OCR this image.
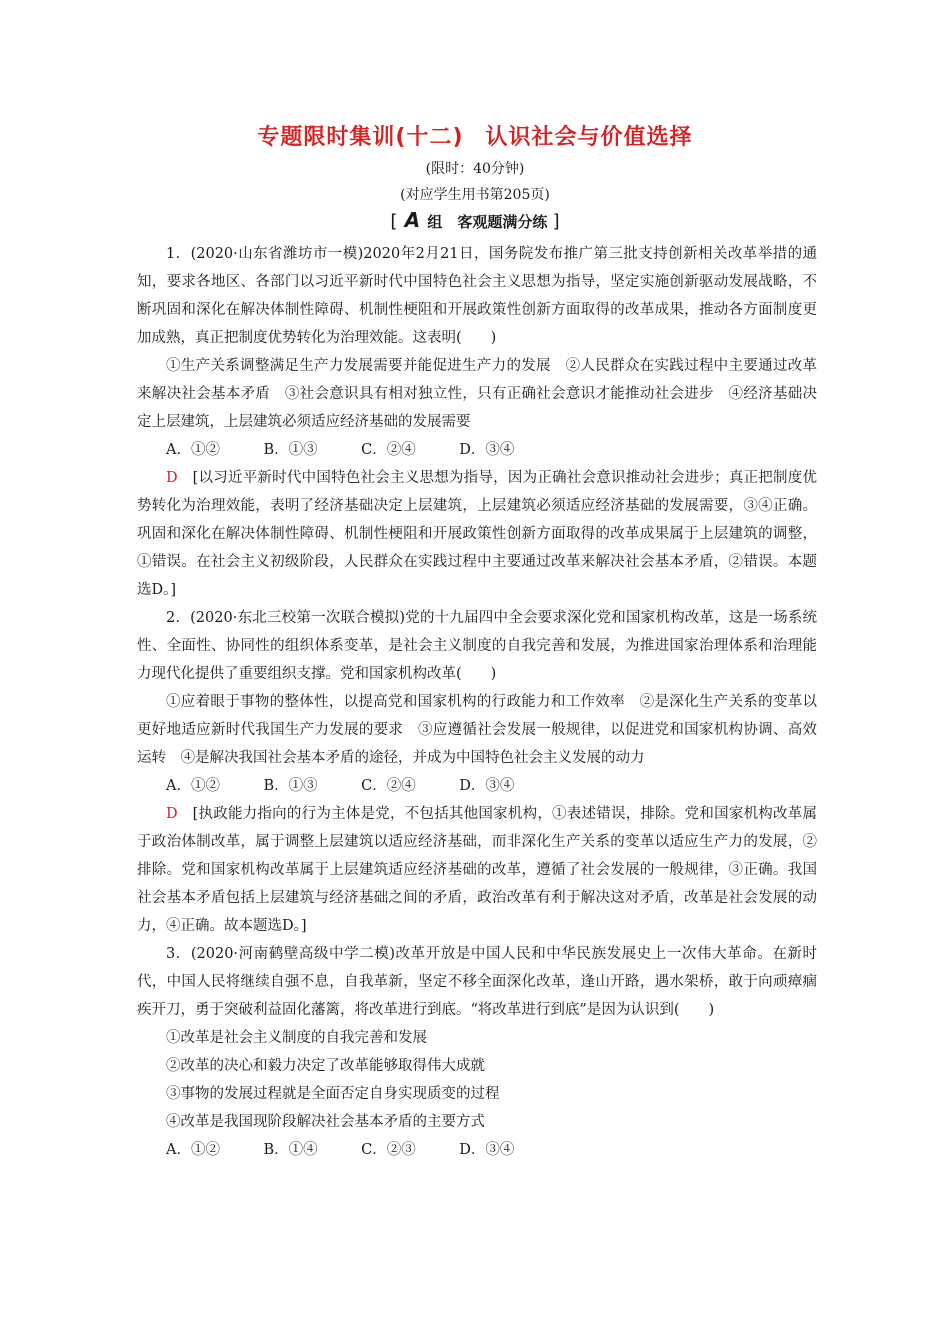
专题限时集训(十二) 认识社会与价值选择
(限时：40分钟)
(对应学生用书第205页)
[ A 组　客观题满分练 ]

1．(2020·山东省潍坊市一模)2020年2月21日，国务院发布推广第三批支持创新相关改革举措的通知，要求各地区、各部门以习近平新时代中国特色社会主义思想为指导，坚定实施创新驱动发展战略，不断巩固和深化在解决体制性障碍、机制性梗阻和开展政策性创新方面取得的改革成果，推动各方面制度更加成熟，真正把制度优势转化为治理效能。这表明(　　)

①生产关系调整满足生产力发展需要并能促进生产力的发展　②人民群众在实践过程中主要通过改革来解决社会基本矛盾　③社会意识具有相对独立性，只有正确社会意识才能推动社会进步　④经济基础决定上层建筑，上层建筑必须适应经济基础的发展需要

A．①②　　　B．①③　　　C．②④　　　D．③④

D　[以习近平新时代中国特色社会主义思想为指导，因为正确社会意识推动社会进步；真正把制度优势转化为治理效能，表明了经济基础决定上层建筑，上层建筑必须适应经济基础的发展需要，③④正确。巩固和深化在解决体制性障碍、机制性梗阻和开展政策性创新方面取得的改革成果属于上层建筑的调整，①错误。在社会主义初级阶段，人民群众在实践过程中主要通过改革来解决社会基本矛盾，②错误。本题选D。]

2．(2020·东北三校第一次联合模拟)党的十九届四中全会要求深化党和国家机构改革，这是一场系统性、全面性、协同性的组织体系变革，是社会主义制度的自我完善和发展，为推进国家治理体系和治理能力现代化提供了重要组织支撑。党和国家机构改革(　　)

①应着眼于事物的整体性，以提高党和国家机构的行政能力和工作效率　②是深化生产关系的变革以更好地适应新时代我国生产力发展的要求　③应遵循社会发展一般规律，以促进党和国家机构协调、高效运转　④是解决我国社会基本矛盾的途径，并成为中国特色社会主义发展的动力

A．①②　　　B．①③　　　C．②④　　　D．③④

D　[执政能力指向的行为主体是党，不包括其他国家机构，①表述错误，排除。党和国家机构改革属于政治体制改革，属于调整上层建筑以适应经济基础，而非深化生产关系的变革以适应生产力的发展，②排除。党和国家机构改革属于上层建筑适应经济基础的改革，遵循了社会发展的一般规律，③正确。我国社会基本矛盾包括上层建筑与经济基础之间的矛盾，政治改革有利于解决这对矛盾，改革是社会发展的动力，④正确。故本题选D。]

3．(2020·河南鹤壁高级中学二模)改革开放是中国人民和中华民族发展史上一次伟大革命。在新时代，中国人民将继续自强不息，自我革新，坚定不移全面深化改革，逢山开路，遇水架桥，敢于向顽瘴痼疾开刀，勇于突破利益固化藩篱，将改革进行到底。“将改革进行到底”是因为认识到(　　)

①改革是社会主义制度的自我完善和发展

②改革的决心和毅力决定了改革能够取得伟大成就

③事物的发展过程就是全面否定自身实现质变的过程

④改革是我国现阶段解决社会基本矛盾的主要方式

A．①②　　　B．①④　　　C．②③　　　D．③④
